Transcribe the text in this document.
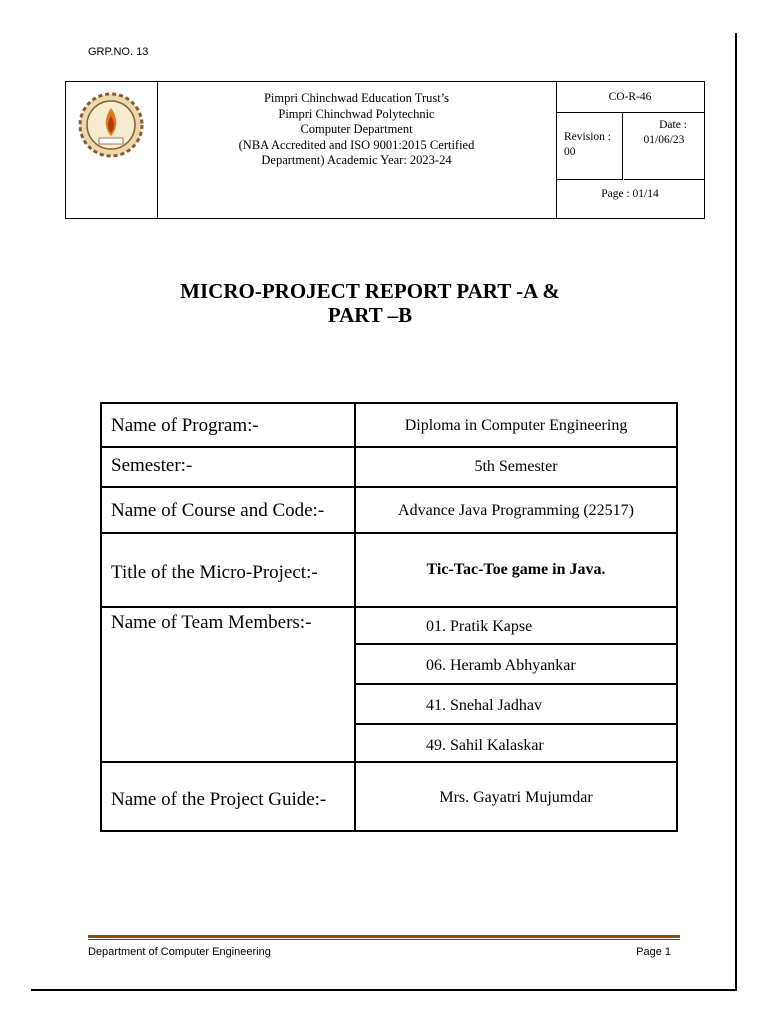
GRP.NO. 13
Pimpri Chinchwad Education Trust’s
Pimpri Chinchwad Polytechnic
Computer Department
(NBA Accredited and ISO 9001:2015 Certified
Department) Academic Year: 2023-24
CO-R-46
Revision :
00
Date :
01/06/23
Page : 01/14
MICRO-PROJECT REPORT PART -A &
PART –B
Name of Program:-	Diploma in Computer Engineering
Semester:-	5th Semester
Name of Course and Code:-	Advance Java Programming (22517)
Title of the Micro-Project:-	Tic-Tac-Toe game in Java.
Name of Team Members:-	01. Pratik Kapse
06. Heramb Abhyankar
41. Snehal Jadhav
49. Sahil Kalaskar
Name of the Project Guide:-	Mrs. Gayatri Mujumdar
Department of Computer Engineering	Page 1
